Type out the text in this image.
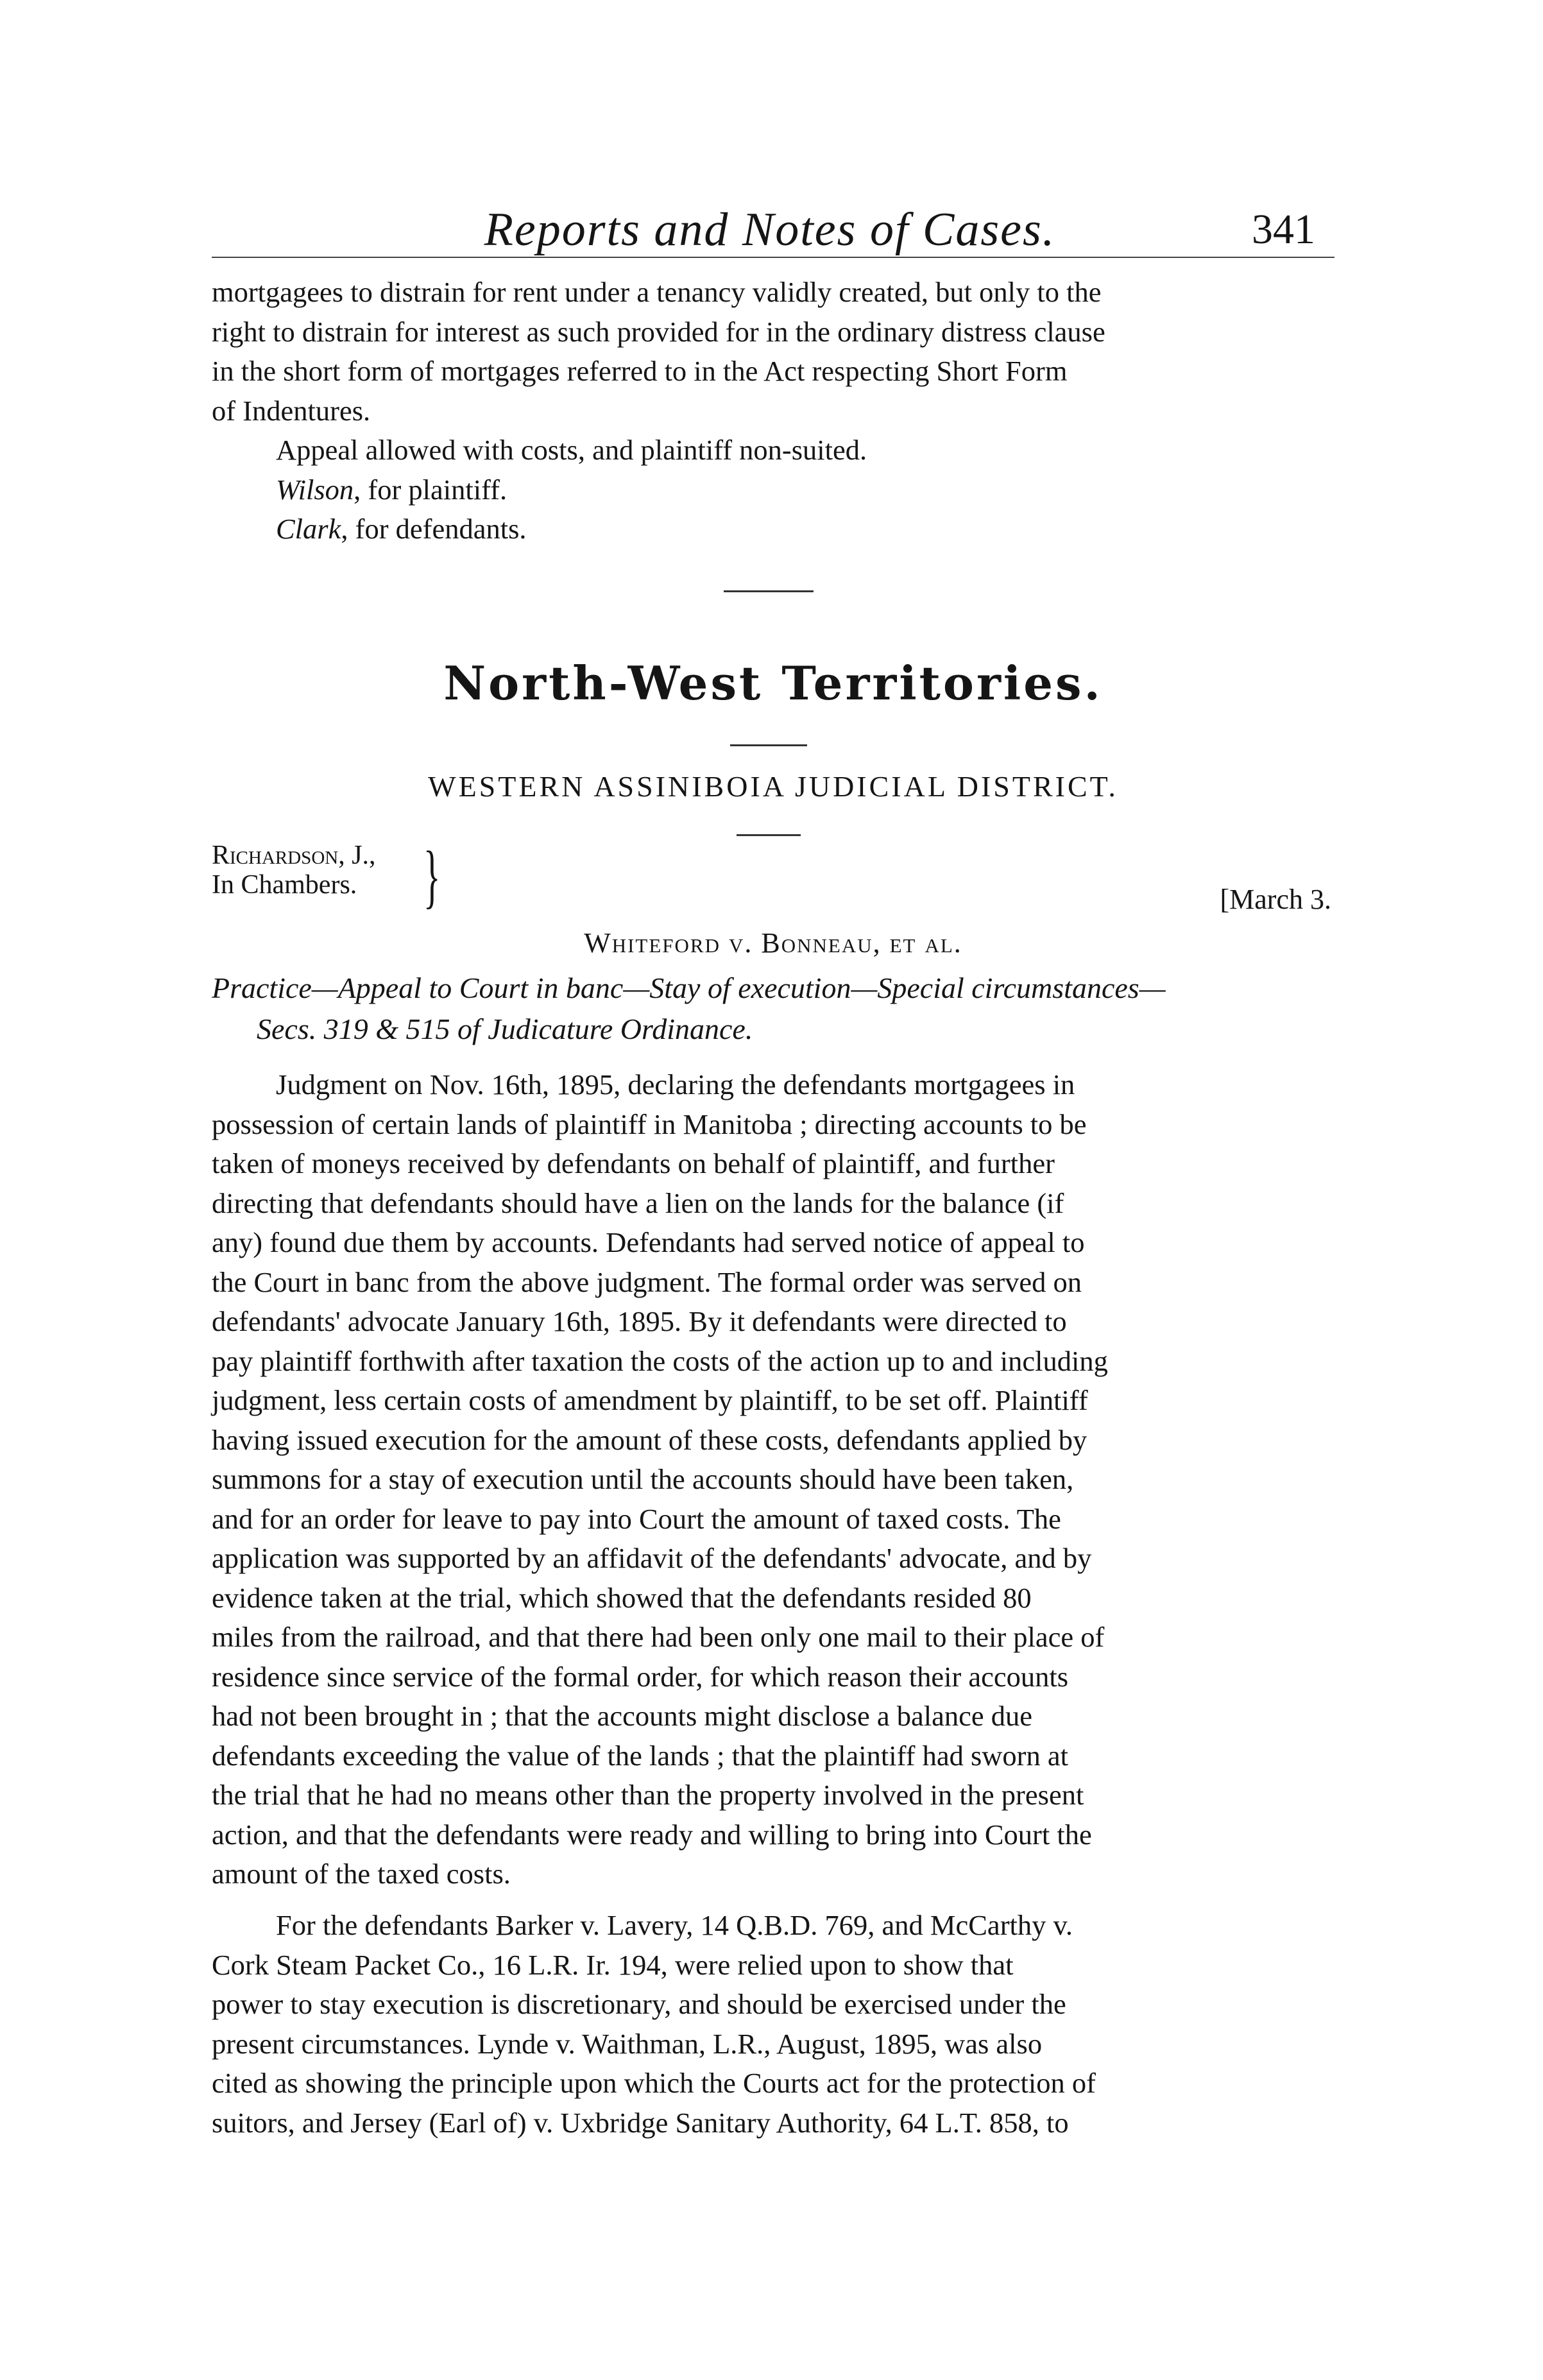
Reports and Notes of Cases.	341
mortgagees to distrain for rent under a tenancy validly created, but only to the
right to distrain for interest as such provided for in the ordinary distress clause
in the short form of mortgages referred to in the Act respecting Short Form
of Indentures.
Appeal allowed with costs, and plaintiff non-suited.
Wilson, for plaintiff.
Clark, for defendants.
North-West Territories.
WESTERN ASSINIBOIA JUDICIAL DISTRICT.
Richardson, J.,
In Chambers. }	[March 3.
Whiteford v. Bonneau, et al.
Practice—Appeal to Court in banc—Stay of execution—Special circumstances—
Secs. 319 & 515 of Judicature Ordinance.
Judgment on Nov. 16th, 1895, declaring the defendants mortgagees in
possession of certain lands of plaintiff in Manitoba ; directing accounts to be
taken of moneys received by defendants on behalf of plaintiff, and further
directing that defendants should have a lien on the lands for the balance (if
any) found due them by accounts. Defendants had served notice of appeal to
the Court in banc from the above judgment. The formal order was served on
defendants' advocate January 16th, 1895. By it defendants were directed to
pay plaintiff forthwith after taxation the costs of the action up to and including
judgment, less certain costs of amendment by plaintiff, to be set off. Plaintiff
having issued execution for the amount of these costs, defendants applied by
summons for a stay of execution until the accounts should have been taken,
and for an order for leave to pay into Court the amount of taxed costs. The
application was supported by an affidavit of the defendants' advocate, and by
evidence taken at the trial, which showed that the defendants resided 80
miles from the railroad, and that there had been only one mail to their place of
residence since service of the formal order, for which reason their accounts
had not been brought in ; that the accounts might disclose a balance due
defendants exceeding the value of the lands ; that the plaintiff had sworn at
the trial that he had no means other than the property involved in the present
action, and that the defendants were ready and willing to bring into Court the
amount of the taxed costs.
For the defendants Barker v. Lavery, 14 Q.B.D. 769, and McCarthy v.
Cork Steam Packet Co., 16 L.R. Ir. 194, were relied upon to show that
power to stay execution is discretionary, and should be exercised under the
present circumstances. Lynde v. Waithman, L.R., August, 1895, was also
cited as showing the principle upon which the Courts act for the protection of
suitors, and Jersey (Earl of) v. Uxbridge Sanitary Authority, 64 L.T. 858, to
